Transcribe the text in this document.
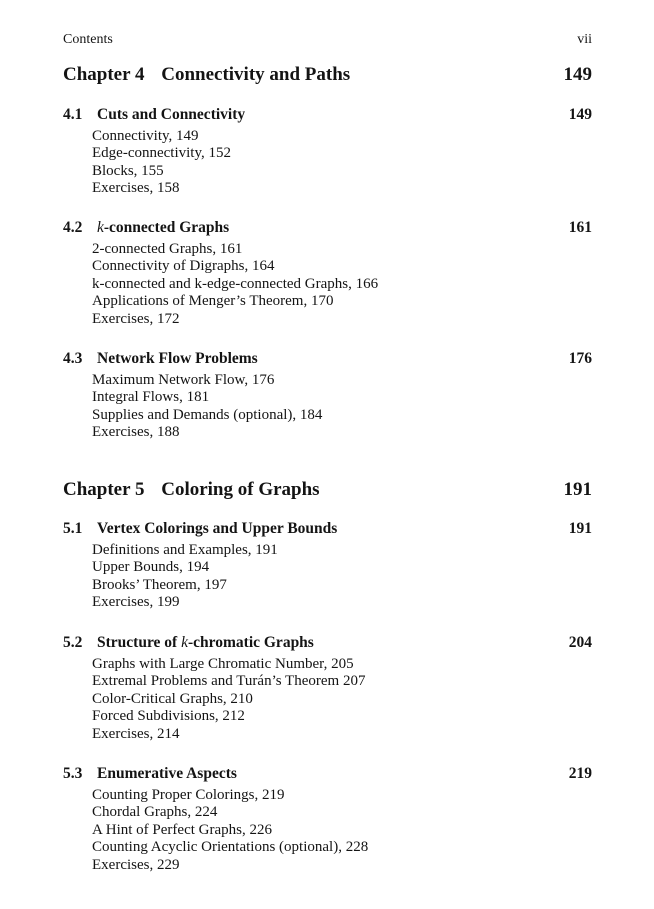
Contents	vii
Chapter 4 Connectivity and Paths	149
4.1 Cuts and Connectivity	149
Connectivity, 149
Edge-connectivity, 152
Blocks, 155
Exercises, 158
4.2 k-connected Graphs	161
2-connected Graphs, 161
Connectivity of Digraphs, 164
k-connected and k-edge-connected Graphs, 166
Applications of Menger’s Theorem, 170
Exercises, 172
4.3 Network Flow Problems	176
Maximum Network Flow, 176
Integral Flows, 181
Supplies and Demands (optional), 184
Exercises, 188
Chapter 5 Coloring of Graphs	191
5.1 Vertex Colorings and Upper Bounds	191
Definitions and Examples, 191
Upper Bounds, 194
Brooks’ Theorem, 197
Exercises, 199
5.2 Structure of k-chromatic Graphs	204
Graphs with Large Chromatic Number, 205
Extremal Problems and Turán’s Theorem 207
Color-Critical Graphs, 210
Forced Subdivisions, 212
Exercises, 214
5.3 Enumerative Aspects	219
Counting Proper Colorings, 219
Chordal Graphs, 224
A Hint of Perfect Graphs, 226
Counting Acyclic Orientations (optional), 228
Exercises, 229
